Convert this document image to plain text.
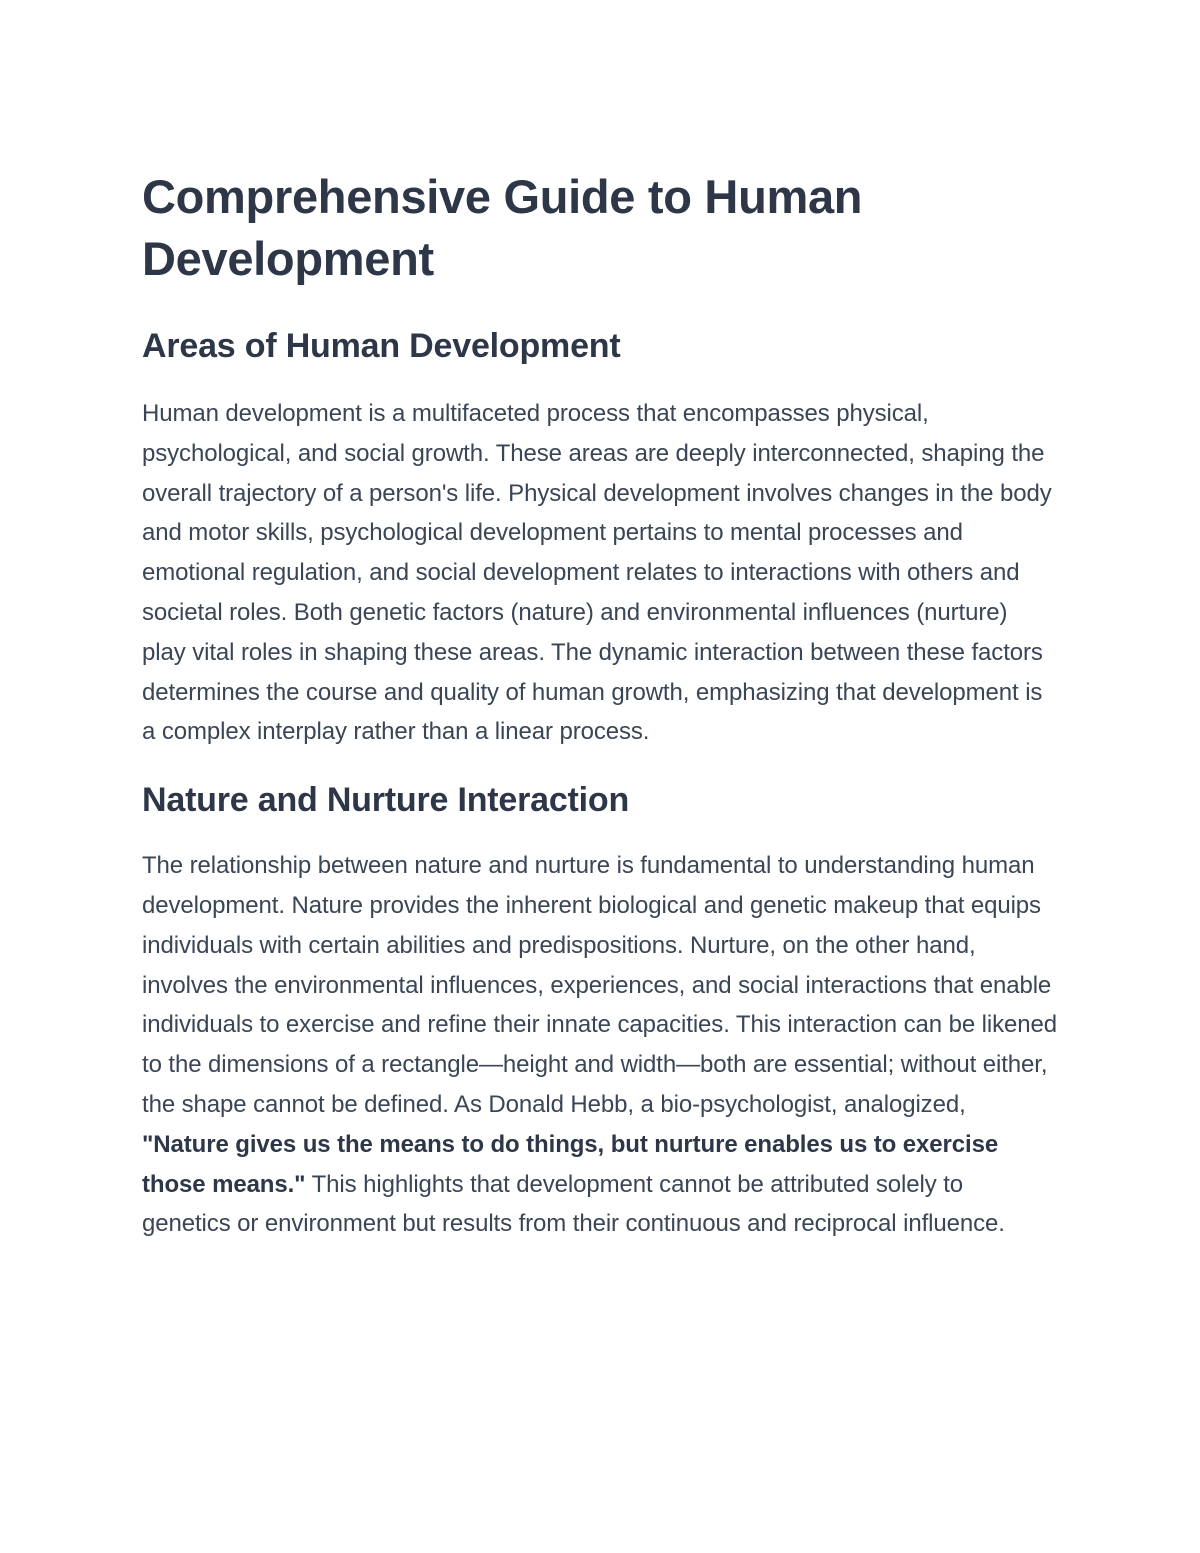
Comprehensive Guide to Human Development
Areas of Human Development

Human development is a multifaceted process that encompasses physical, psychological, and social growth. These areas are deeply interconnected, shaping the overall trajectory of a person's life. Physical development involves changes in the body and motor skills, psychological development pertains to mental processes and emotional regulation, and social development relates to interactions with others and societal roles. Both genetic factors (nature) and environmental influences (nurture) play vital roles in shaping these areas. The dynamic interaction between these factors determines the course and quality of human growth, emphasizing that development is a complex interplay rather than a linear process.

Nature and Nurture Interaction

The relationship between nature and nurture is fundamental to understanding human development. Nature provides the inherent biological and genetic makeup that equips individuals with certain abilities and predispositions. Nurture, on the other hand, involves the environmental influences, experiences, and social interactions that enable individuals to exercise and refine their innate capacities. This interaction can be likened to the dimensions of a rectangle—height and width—both are essential; without either, the shape cannot be defined. As Donald Hebb, a bio-psychologist, analogized, "Nature gives us the means to do things, but nurture enables us to exercise those means." This highlights that development cannot be attributed solely to genetics or environment but results from their continuous and reciprocal influence.
